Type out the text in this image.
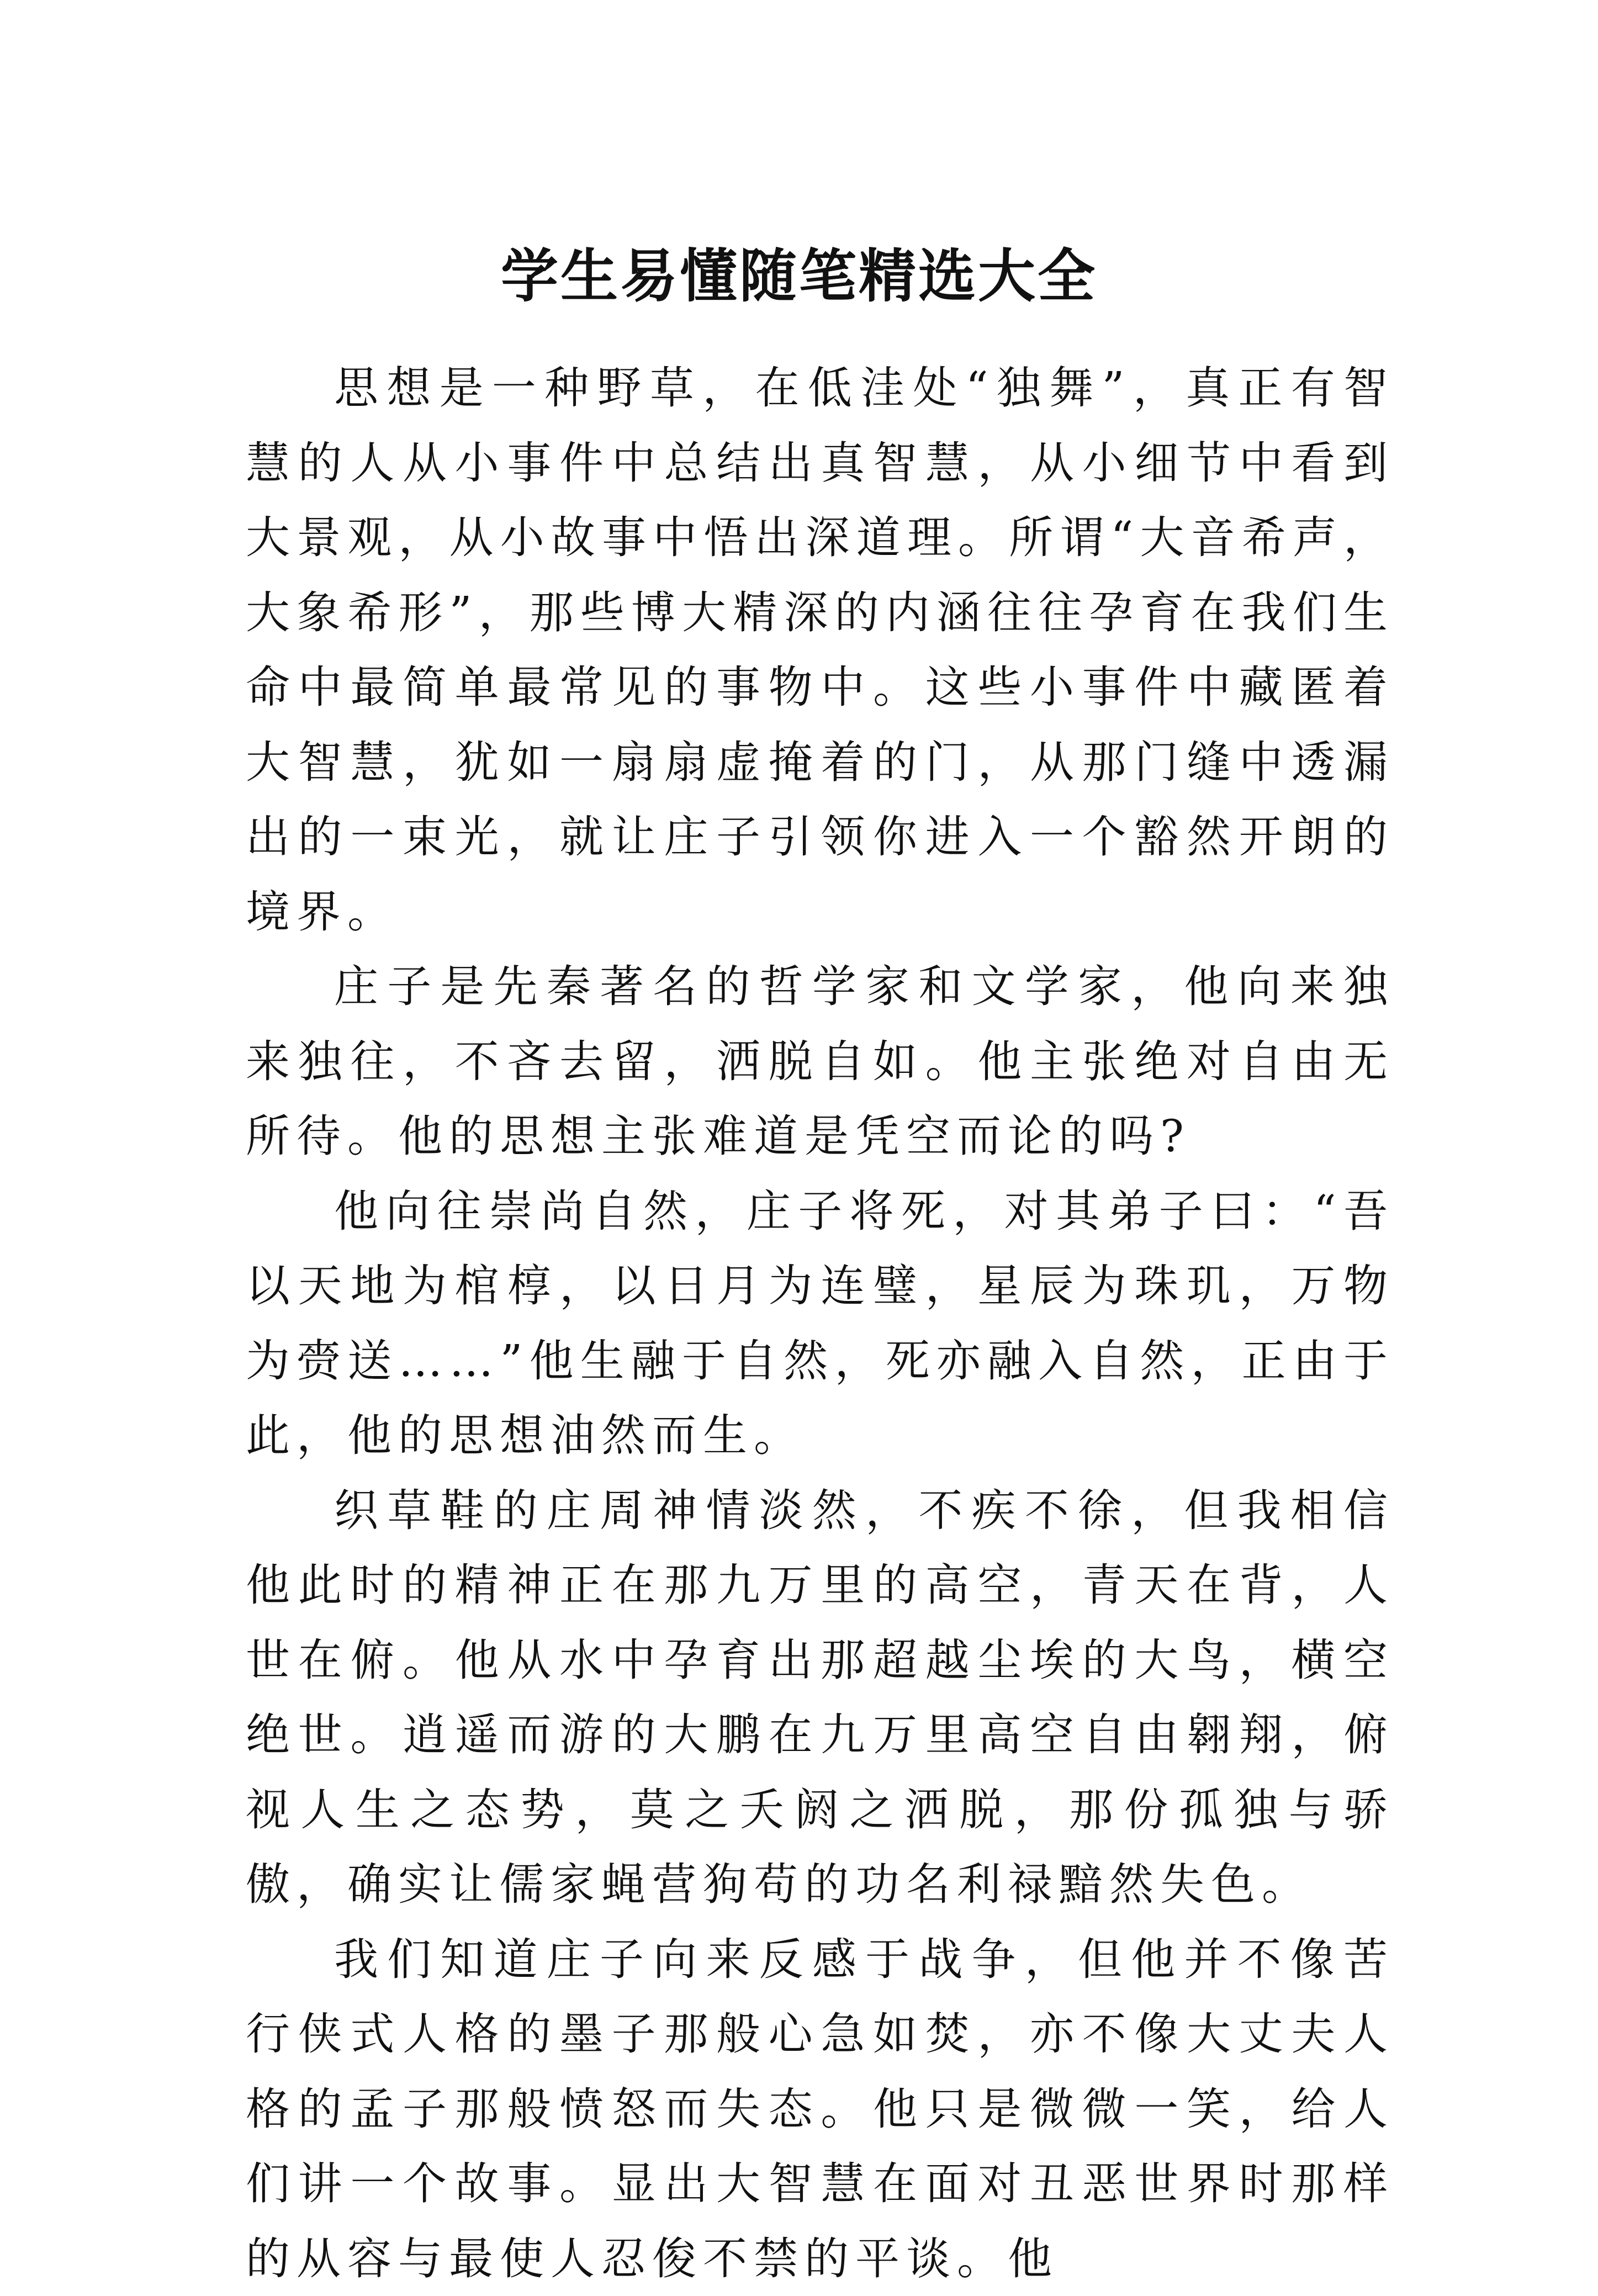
学生易懂随笔精选大全

思想是一种野草，在低洼处“独舞”，真正有智慧的人从小事件中总结出真智慧，从小细节中看到大景观，从小故事中悟出深道理。所谓“大音希声，大象希形”，那些博大精深的内涵往往孕育在我们生命中最简单最常见的事物中。这些小事件中藏匿着大智慧，犹如一扇扇虚掩着的门，从那门缝中透漏出的一束光，就让庄子引领你进入一个豁然开朗的境界。

庄子是先秦著名的哲学家和文学家，他向来独来独往，不吝去留，洒脱自如。他主张绝对自由无所待。他的思想主张难道是凭空而论的吗?

他向往崇尚自然，庄子将死，对其弟子曰：“吾以天地为棺椁，以日月为连璧，星辰为珠玑，万物为赍送……”他生融于自然，死亦融入自然，正由于此，他的思想油然而生。

织草鞋的庄周神情淡然，不疾不徐，但我相信他此时的精神正在那九万里的高空，青天在背，人世在俯。他从水中孕育出那超越尘埃的大鸟，横空绝世。逍遥而游的大鹏在九万里高空自由翱翔，俯视人生之态势，莫之夭阏之洒脱，那份孤独与骄傲，确实让儒家蝇营狗苟的功名利禄黯然失色。

我们知道庄子向来反感于战争，但他并不像苦行侠式人格的墨子那般心急如焚，亦不像大丈夫人格的孟子那般愤怒而失态。他只是微微一笑，给人们讲一个故事。显出大智慧在面对丑恶世界时那样的从容与最使人忍俊不禁的平谈。他
